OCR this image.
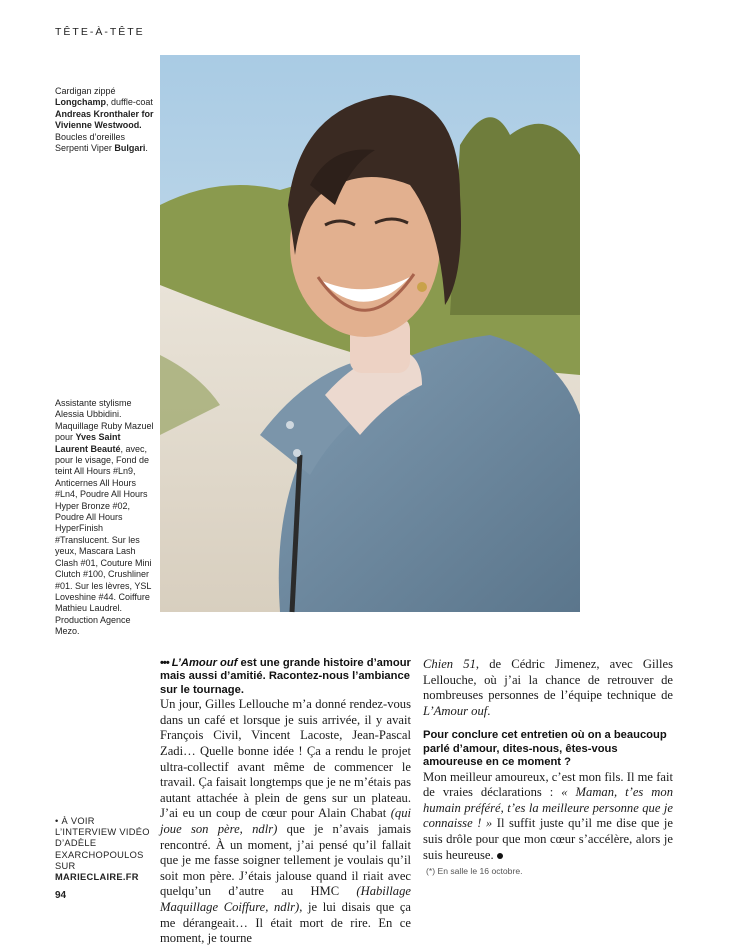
TÊTE-À-TÊTE
Cardigan zippé Longchamp, duffle-coat Andreas Kronthaler for Vivienne Westwood. Boucles d’oreilles Serpenti Viper Bulgari.
Assistante stylisme Alessia Ubbidini. Maquillage Ruby Mazuel pour Yves Saint Laurent Beauté, avec, pour le visage, Fond de teint All Hours #Ln9, Anticernes All Hours #Ln4, Poudre All Hours Hyper Bronze #02, Poudre All Hours HyperFinish #Translucent. Sur les yeux, Mascara Lash Clash #01, Couture Mini Clutch #100, Crushliner #01. Sur les lèvres, YSL Loveshine #44. Coiffure Mathieu Laudrel. Production Agence Mezo.
••• L’Amour ouf est une grande histoire d’amour mais aussi d’amitié. Racontez-nous l’ambiance sur le tournage.
Un jour, Gilles Lellouche m’a donné rendez-vous dans un café et lorsque je suis arrivée, il y avait François Civil, Vincent Lacoste, Jean-Pascal Zadi… Quelle bonne idée ! Ça a rendu le projet ultra-collectif avant même de commencer le travail. Ça faisait longtemps que je ne m’étais pas autant attachée à plein de gens sur un plateau. J’ai eu un coup de cœur pour Alain Chabat (qui joue son père, ndlr) que je n’avais jamais rencontré. À un moment, j’ai pensé qu’il fallait que je me fasse soigner tellement je voulais qu’il soit mon père. J’étais jalouse quand il riait avec quelqu’un d’autre au HMC (Habillage Maquillage Coiffure, ndlr), je lui disais que ça me dérangeait… Il était mort de rire. En ce moment, je tourne
Chien 51, de Cédric Jimenez, avec Gilles Lellouche, où j’ai la chance de retrouver de nombreuses personnes de l’équipe technique de L’Amour ouf.
Pour conclure cet entretien où on a beaucoup parlé d’amour, dites-nous, êtes-vous amoureuse en ce moment ?
Mon meilleur amoureux, c’est mon fils. Il me fait de vraies déclarations : « Maman, t’es mon humain préféré, t’es la meilleure personne que je connaisse ! » Il suffit juste qu’il me dise que je suis drôle pour que mon cœur s’accélère, alors je suis heureuse.
(*) En salle le 16 octobre.
• À VOIR
L’INTERVIEW VIDÉO D’ADÈLE EXARCHOPOULOS SUR
MARIECLAIRE.FR
94
